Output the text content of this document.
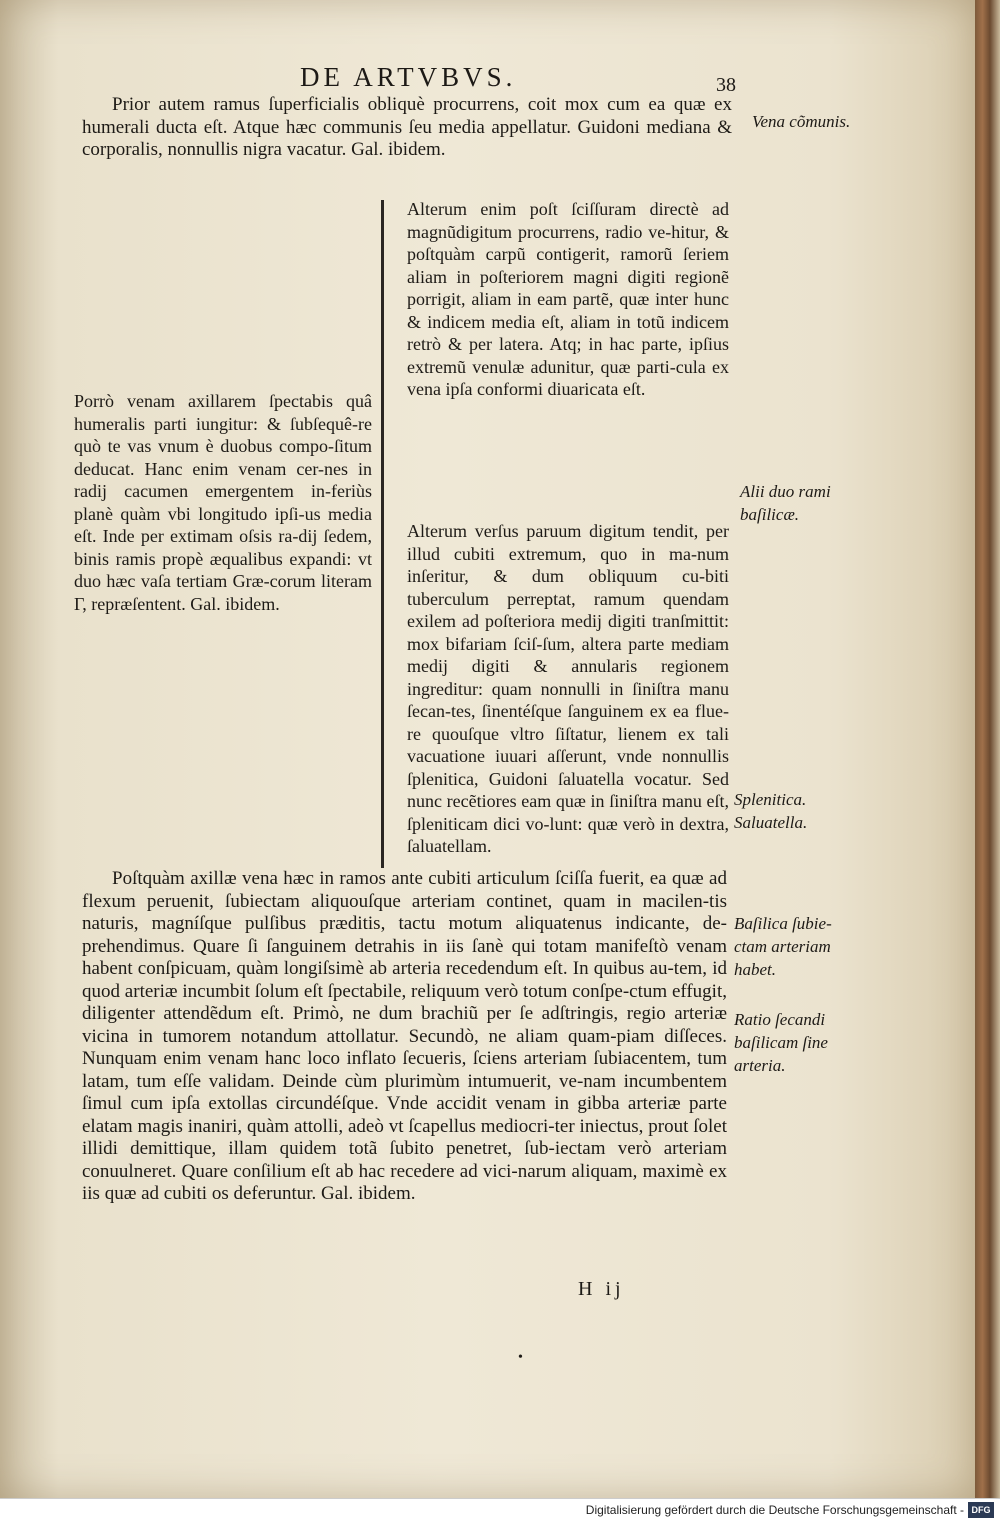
DE ARTVBVS.	38

Prior autem ramus ſuperficialis obliquè procurrens, coit mox cum ea quæ ex humerali ducta eſt. Atque hæc communis ſeu media appellatur. Guidoni mediana & corporalis, nonnullis nigra vacatur. Gal. ibidem.

Vena cõmunis.

Porrò venam axillarem ſpectabis quâ humeralis parti iungitur: & ſubſequê-re quò te vas vnum è duobus compo-ſitum deducat. Hanc enim venam cer-nes in radij cacumen emergentem in-feriùs planè quàm vbi longitudo ipſi-us media eſt. Inde per extimam oſsis ra-dij ſedem, binis ramis propè æqualibus expandi: vt duo hæc vaſa tertiam Græ-corum literam Γ, repræſentent. Gal. ibidem.

Alterum enim poſt ſciſſuram directè ad magnũdigitum procurrens, radio ve-hitur, & poſtquàm carpũ contigerit, ramorũ ſeriem aliam in poſteriorem magni digiti regionẽ porrigit, aliam in eam partẽ, quæ inter hunc & indicem media eſt, aliam in totũ indicem retrò & per latera. Atq; in hac parte, ipſius extremũ venulæ adunitur, quæ parti-cula ex vena ipſa conformi diuaricata eſt.

Alterum verſus paruum digitum tendit, per illud cubiti extremum, quo in ma-num inſeritur, & dum obliquum cu-biti tuberculum perreptat, ramum quendam exilem ad poſteriora medij digiti tranſmittit: mox bifariam ſciſ-ſum, altera parte mediam medij digiti & annularis regionem ingreditur: quam nonnulli in ſiniſtra manu ſecan-tes, ſinentéſque ſanguinem ex ea flue-re quouſque vltro ſiſtatur, lienem ex tali vacuatione iuuari aſſerunt, vnde nonnullis ſplenitica, Guidoni ſaluatella vocatur. Sed nunc recẽtiores eam quæ in ſiniſtra manu eſt, ſpleniticam dici vo-lunt: quæ verò in dextra, ſaluatellam.

Alii duo rami baſilicæ.
Splenitica. Saluatella.

Poſtquàm axillæ vena hæc in ramos ante cubiti articulum ſciſſa fuerit, ea quæ ad flexum peruenit, ſubiectam aliquouſque arteriam continet, quam in macilen-tis naturis, magníſque pulſibus præditis, tactu motum aliquatenus indicante, de-prehendimus. Quare ſi ſanguinem detrahis in iis ſanè qui totam manifeſtò venam habent conſpicuam, quàm longiſsimè ab arteria recedendum eſt. In quibus au-tem, id quod arteriæ incumbit ſolum eſt ſpectabile, reliquum verò totum conſpe-ctum effugit, diligenter attendẽdum eſt. Primò, ne dum brachiũ per ſe adſtringis, regio arteriæ vicina in tumorem notandum attollatur. Secundò, ne aliam quam-piam diſſeces. Nunquam enim venam hanc loco inflato ſecueris, ſciens arteriam ſubiacentem, tum latam, tum eſſe validam. Deinde cùm plurimùm intumuerit, ve-nam incumbentem ſimul cum ipſa extollas circundéſque. Vnde accidit venam in gibba arteriæ parte elatam magis inaniri, quàm attolli, adeò vt ſcapellus mediocri-ter iniectus, prout ſolet illidi demittique, illam quidem totã ſubito penetret, ſub-iectam verò arteriam conuulneret. Quare conſilium eſt ab hac recedere ad vici-narum aliquam, maximè ex iis quæ ad cubiti os deferuntur. Gal. ibidem.

Baſilica ſubie-ctam arteriam habet.
Ratio ſecandi baſilicam ſine arteria.
H ij
•
Digitalisierung gefördert durch die Deutsche Forschungsgemeinschaft - DFG
